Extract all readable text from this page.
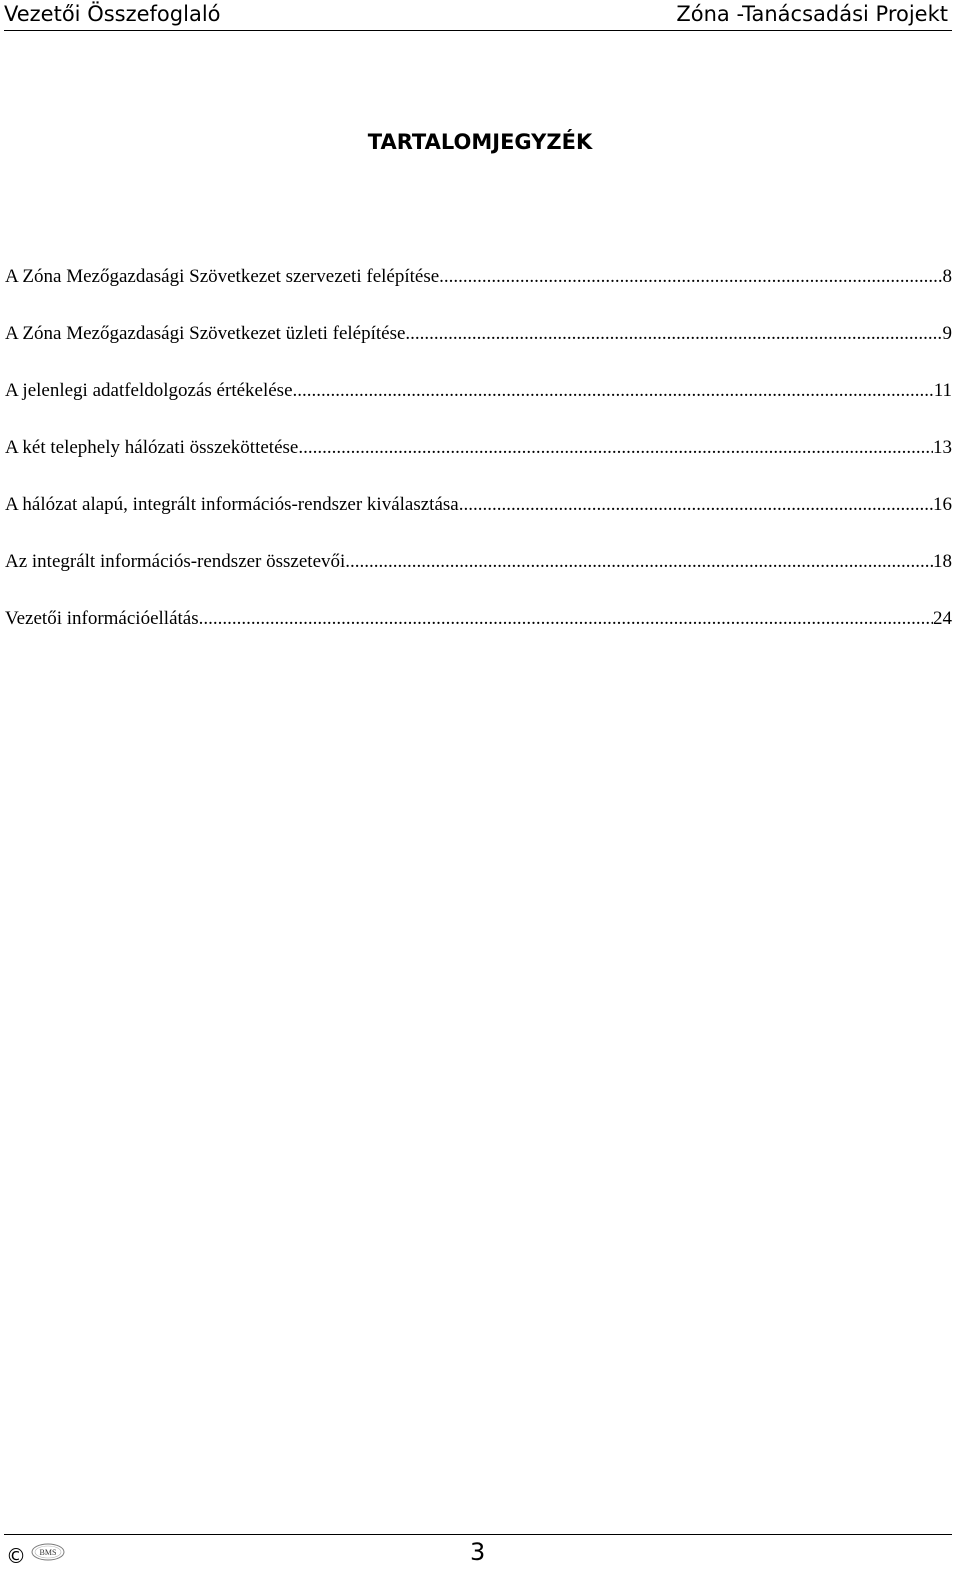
Vezetői Összefoglaló	Zóna -Tanácsadási Projekt
TARTALOMJEGYZÉK
A Zóna Mezőgazdasági Szövetkezet szervezeti felépítése .....	8
A Zóna Mezőgazdasági Szövetkezet üzleti felépítése .....	9
A jelenlegi adatfeldolgozás értékelése .....	11
A két telephely hálózati összeköttetése .....	13
A hálózat alapú, integrált információs-rendszer kiválasztása .....	16
Az integrált információs-rendszer összetevői .....	18
Vezetői információellátás .....	24
© BMS	3
